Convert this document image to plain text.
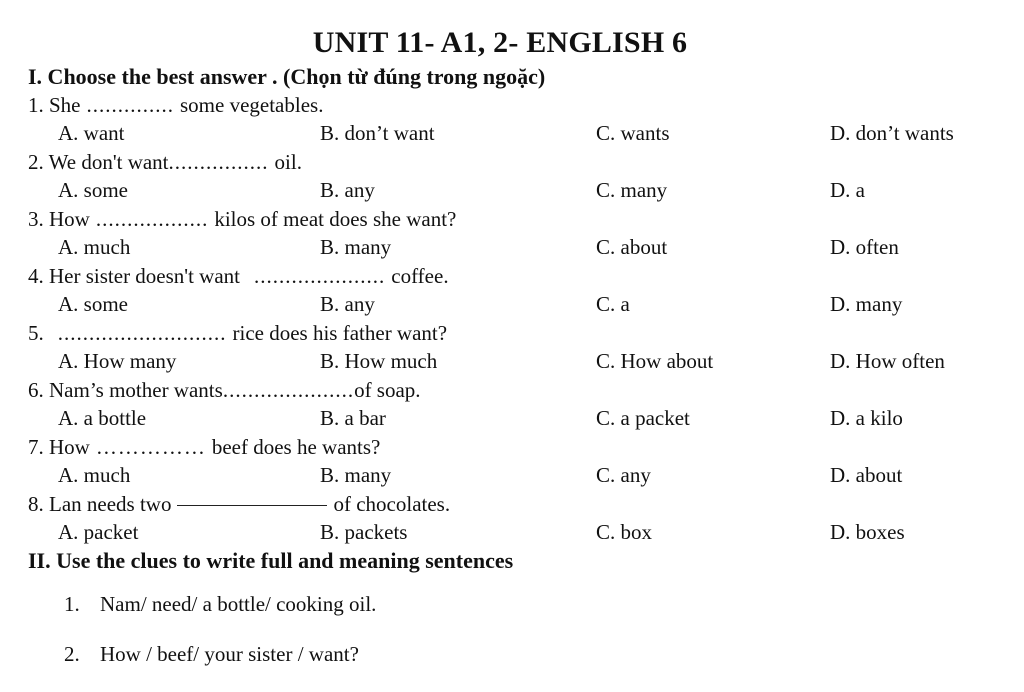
UNIT 11- A1, 2- ENGLISH 6
I. Choose the best answer . (Chọn từ đúng trong ngoặc)
1. She .............. some vegetables.
A. want	B. don’t want	C. wants	D. don’t wants
2. We don't want................ oil.
A. some	B. any	C. many	D. a
3. How .................. kilos of meat does she want?
A. much	B. many	C. about	D. often
4. Her sister doesn't want ..................... coffee.
A. some	B. any	C. a	D. many
5. ........................... rice does his father want?
A. How many	B. How much	C. How about	D. How often
6. Nam’s mother wants.....................of soap.
A. a bottle	B. a bar	C. a packet	D. a kilo
7. How …………… beef does he wants?
A. much	B. many	C. any	D. about
8. Lan needs two	of chocolates.
A. packet	B. packets	C. box	D. boxes
II. Use the clues to write full and meaning sentences
1. Nam/ need/ a bottle/ cooking oil.
2. How / beef/ your sister / want?
